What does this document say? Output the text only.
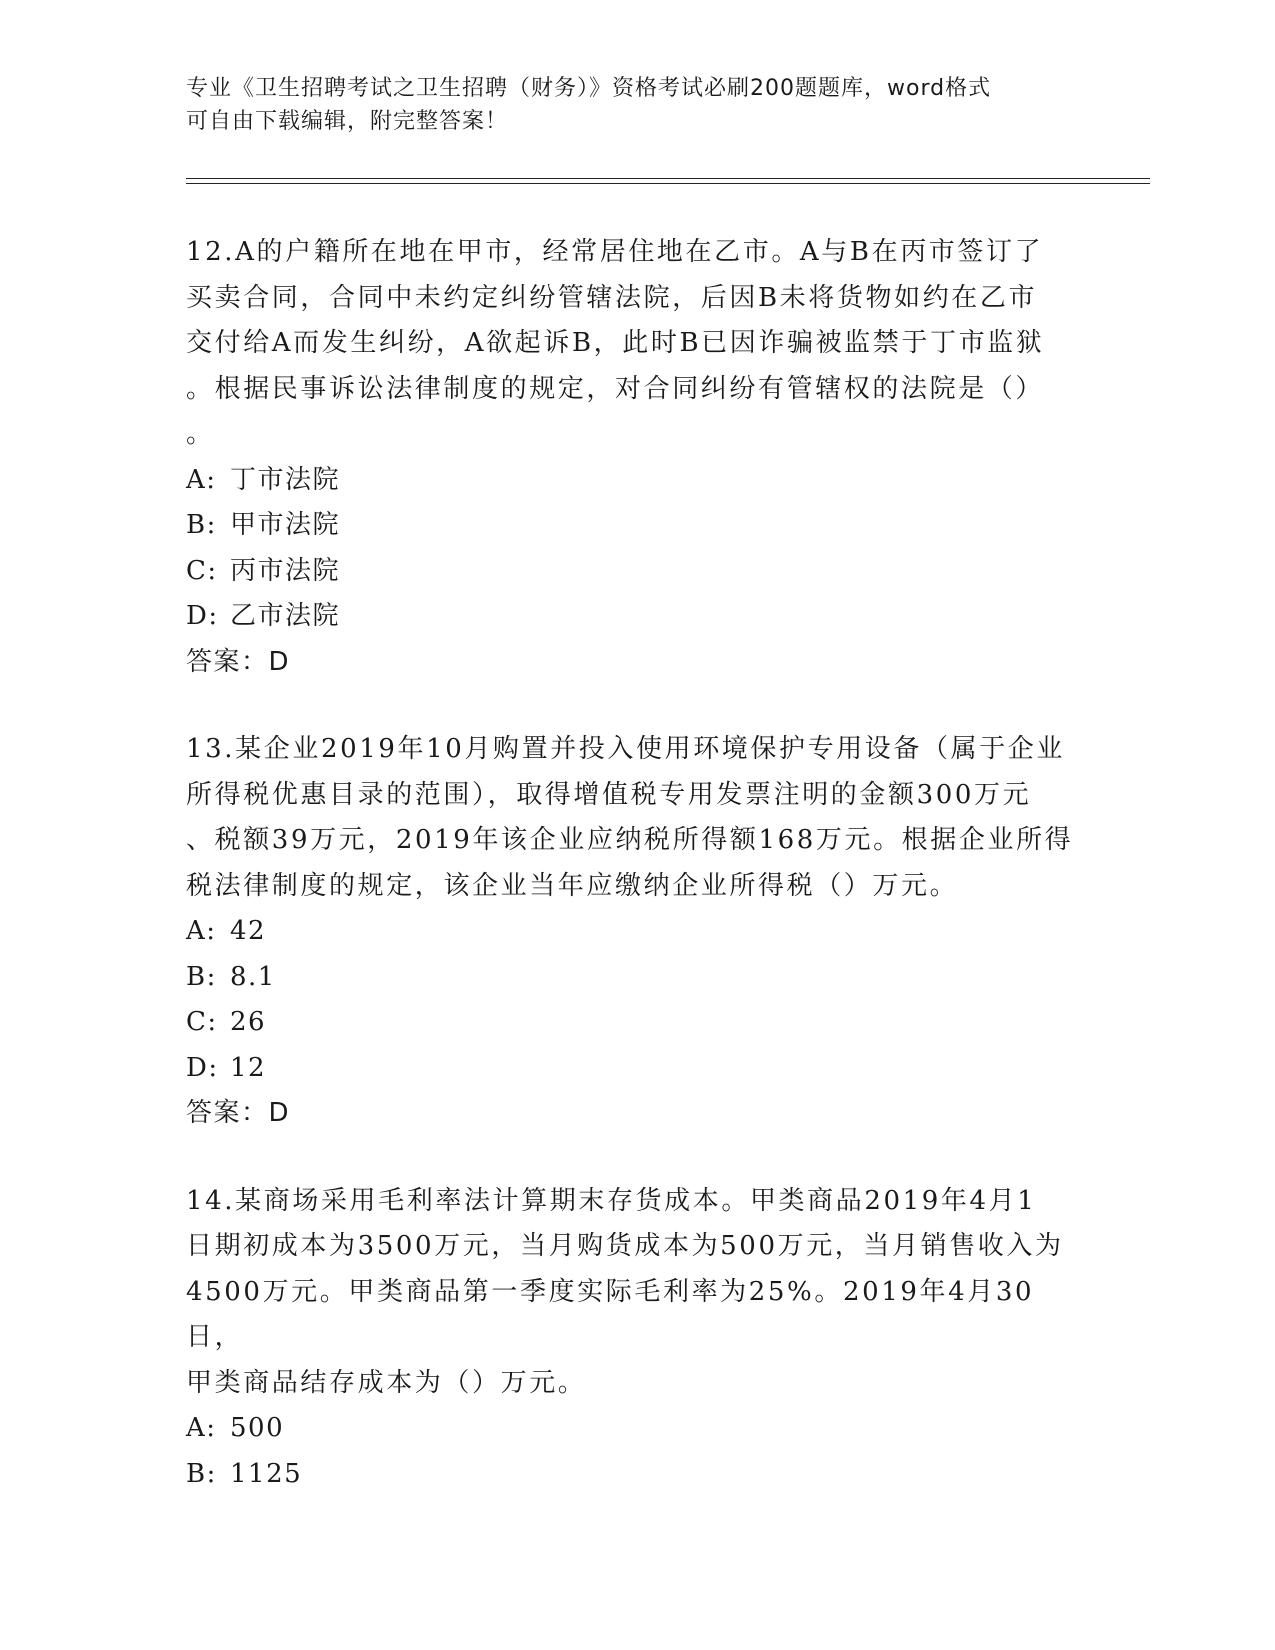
专业《卫生招聘考试之卫生招聘（财务）》资格考试必刷200题题库，word格式
可自由下载编辑，附完整答案！

12.A的户籍所在地在甲市，经常居住地在乙市。A与B在丙市签订了
买卖合同，合同中未约定纠纷管辖法院，后因B未将货物如约在乙市
交付给A而发生纠纷，A欲起诉B，此时B已因诈骗被监禁于丁市监狱
。根据民事诉讼法律制度的规定，对合同纠纷有管辖权的法院是（）
。

A: 丁市法院

B: 甲市法院

C: 丙市法院

D: 乙市法院

答案：D

13.某企业2019年10月购置并投入使用环境保护专用设备（属于企业
所得税优惠目录的范围），取得增值税专用发票注明的金额300万元
、税额39万元，2019年该企业应纳税所得额168万元。根据企业所得
税法律制度的规定，该企业当年应缴纳企业所得税（）万元。

A: 42

B: 8.1

C: 26

D: 12

答案：D

14.某商场采用毛利率法计算期末存货成本。甲类商品2019年4月1
日期初成本为3500万元，当月购货成本为500万元，当月销售收入为
4500万元。甲类商品第一季度实际毛利率为25%。2019年4月30日，
甲类商品结存成本为（）万元。

A: 500

B: 1125
